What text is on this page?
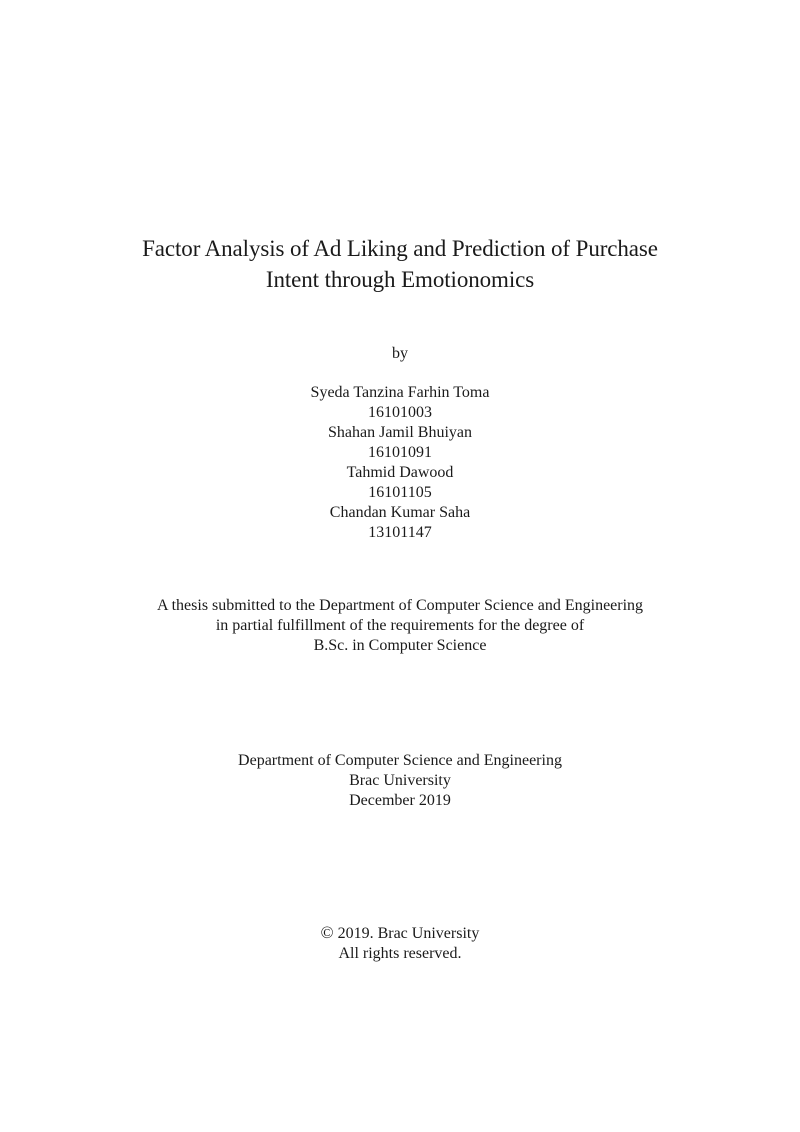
Factor Analysis of Ad Liking and Prediction of Purchase
Intent through Emotionomics
by
Syeda Tanzina Farhin Toma
16101003
Shahan Jamil Bhuiyan
16101091
Tahmid Dawood
16101105
Chandan Kumar Saha
13101147
A thesis submitted to the Department of Computer Science and Engineering
in partial fulfillment of the requirements for the degree of
B.Sc. in Computer Science
Department of Computer Science and Engineering
Brac University
December 2019
© 2019. Brac University
All rights reserved.
